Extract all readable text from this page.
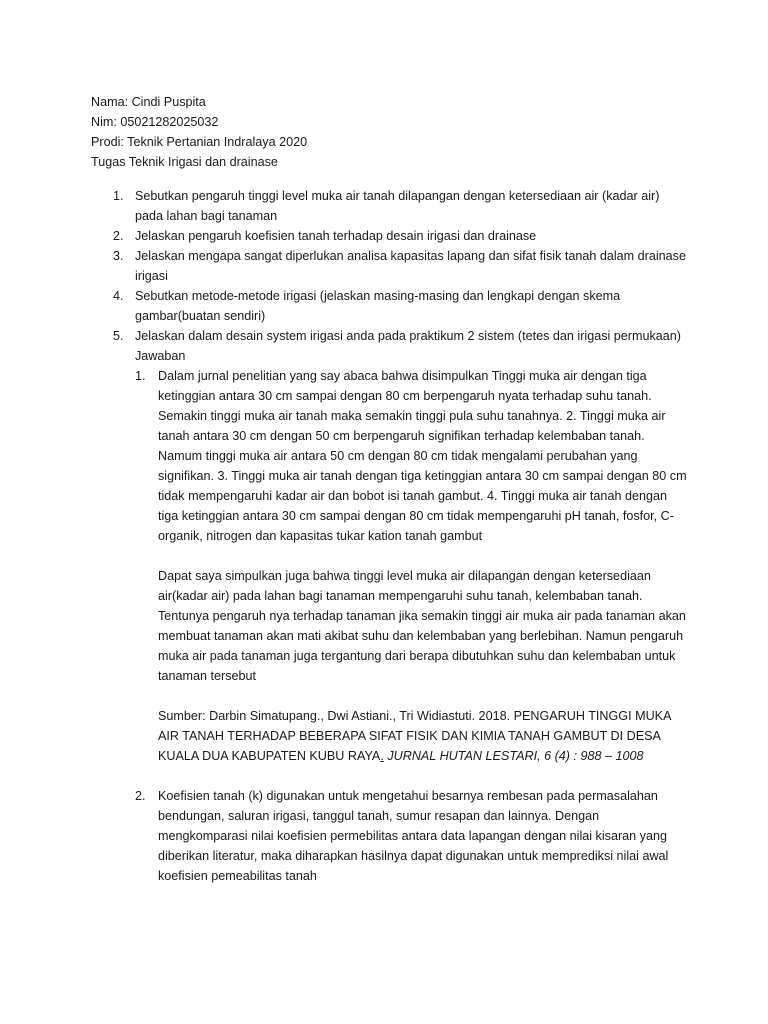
Nama: Cindi Puspita

Nim: 05021282025032

Prodi: Teknik Pertanian Indralaya 2020

Tugas Teknik Irigasi dan drainase

1. Sebutkan pengaruh tinggi level muka air tanah dilapangan dengan ketersediaan air (kadar air) pada lahan bagi tanaman
2. Jelaskan pengaruh koefisien tanah terhadap desain irigasi dan drainase
3. Jelaskan mengapa sangat diperlukan analisa kapasitas lapang dan sifat fisik tanah dalam drainase irigasi
4. Sebutkan metode-metode irigasi (jelaskan masing-masing dan lengkapi dengan skema gambar(buatan sendiri)
5. Jelaskan dalam desain system irigasi anda pada praktikum 2 sistem (tetes dan irigasi permukaan)
Jawaban
1. Dalam jurnal penelitian yang say abaca bahwa disimpulkan Tinggi muka air dengan tiga ketinggian antara 30 cm sampai dengan 80 cm berpengaruh nyata terhadap suhu tanah. Semakin tinggi muka air tanah maka semakin tinggi pula suhu tanahnya. 2. Tinggi muka air tanah antara 30 cm dengan 50 cm berpengaruh signifikan terhadap kelembaban tanah. Namum tinggi muka air antara 50 cm dengan 80 cm tidak mengalami perubahan yang signifikan. 3. Tinggi muka air tanah dengan tiga ketinggian antara 30 cm sampai dengan 80 cm tidak mempengaruhi kadar air dan bobot isi tanah gambut. 4. Tinggi muka air tanah dengan tiga ketinggian antara 30 cm sampai dengan 80 cm tidak mempengaruhi pH tanah, fosfor, C-organik, nitrogen dan kapasitas tukar kation tanah gambut

Dapat saya simpulkan juga bahwa tinggi level muka air dilapangan dengan ketersediaan air(kadar air) pada lahan bagi tanaman mempengaruhi suhu tanah, kelembaban tanah. Tentunya pengaruh nya terhadap tanaman jika semakin tinggi air muka air pada tanaman akan membuat tanaman akan mati akibat suhu dan kelembaban yang berlebihan. Namun pengaruh muka air pada tanaman juga tergantung dari berapa dibutuhkan suhu dan kelembaban untuk tanaman tersebut

Sumber: Darbin Simatupang., Dwi Astiani., Tri Widiastuti. 2018. PENGARUH TINGGI MUKA AIR TANAH TERHADAP BEBERAPA SIFAT FISIK DAN KIMIA TANAH GAMBUT DI DESA KUALA DUA KABUPATEN KUBU RAYA. JURNAL HUTAN LESTARI, 6 (4) : 988 – 1008

2. Koefisien tanah (k) digunakan untuk mengetahui besarnya rembesan pada permasalahan bendungan, saluran irigasi, tanggul tanah, sumur resapan dan lainnya. Dengan mengkomparasi nilai koefisien permebilitas antara data lapangan dengan nilai kisaran yang diberikan literatur, maka diharapkan hasilnya dapat digunakan untuk memprediksi nilai awal koefisien pemeabilitas tanah
